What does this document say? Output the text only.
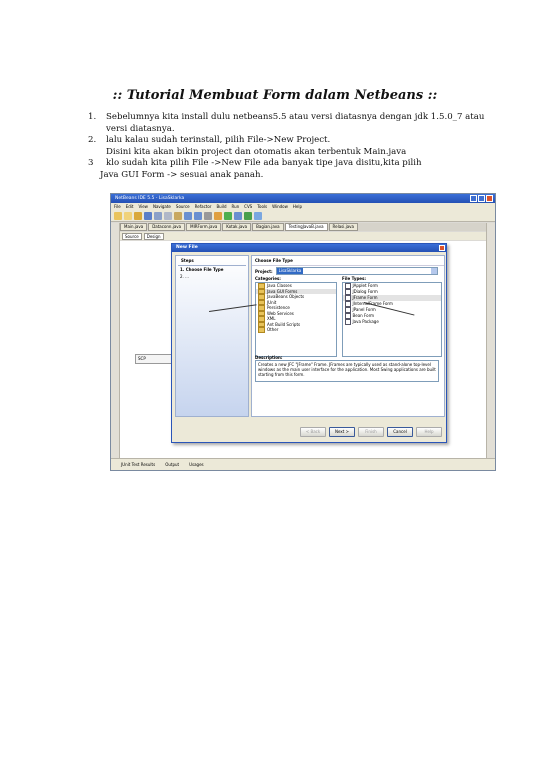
:: Tutorial Membuat Form dalam Netbeans ::
1. Sebelumnya kita install dulu netbeans5.5 atau versi diatasnya dengan jdk 1.5.0_7 atau
versi diatasnya.
2. lalu kalau sudah terinstall, pilih File->New Project.
Disini kita akan bikin project dan otomatis akan terbentuk Main.java
3 klo sudah kita pilih File ->New File ada banyak tipe java disitu,kita pilih
Java GUI Form -> sesuai anak panah.
NetBeans IDE 5.5 - LisaSklarka
File Edit View Navigate Source Refactor Build Run CVS Tools Window Help
Main.java	Dataconn.java	MIRForm.java	Kotak.java	Bagian.java	TestingJavaB.java	Relasi.java
Source	Design
SCP
JUnit Test Results	Output	Usages
New File
Steps
1. Choose File Type
2. ...
Choose File Type
Project:	LisaSklarka
Categories:
Java Classes
Java GUI Forms
JavaBeans Objects
JUnit
Persistence
Web Services
XML
Ant Build Scripts
Other
File Types:
JApplet Form
JDialog Form
JFrame Form
JInternalFrame Form
JPanel Form
Bean Form
Java Package
Description:
Creates a new JFC "JFrame" Frame. JFrames are typically used as stand-alone top-level windows as the main user interface for the application. Most Swing applications are built starting from this form.
< Back	Next >	Finish	Cancel	Help
